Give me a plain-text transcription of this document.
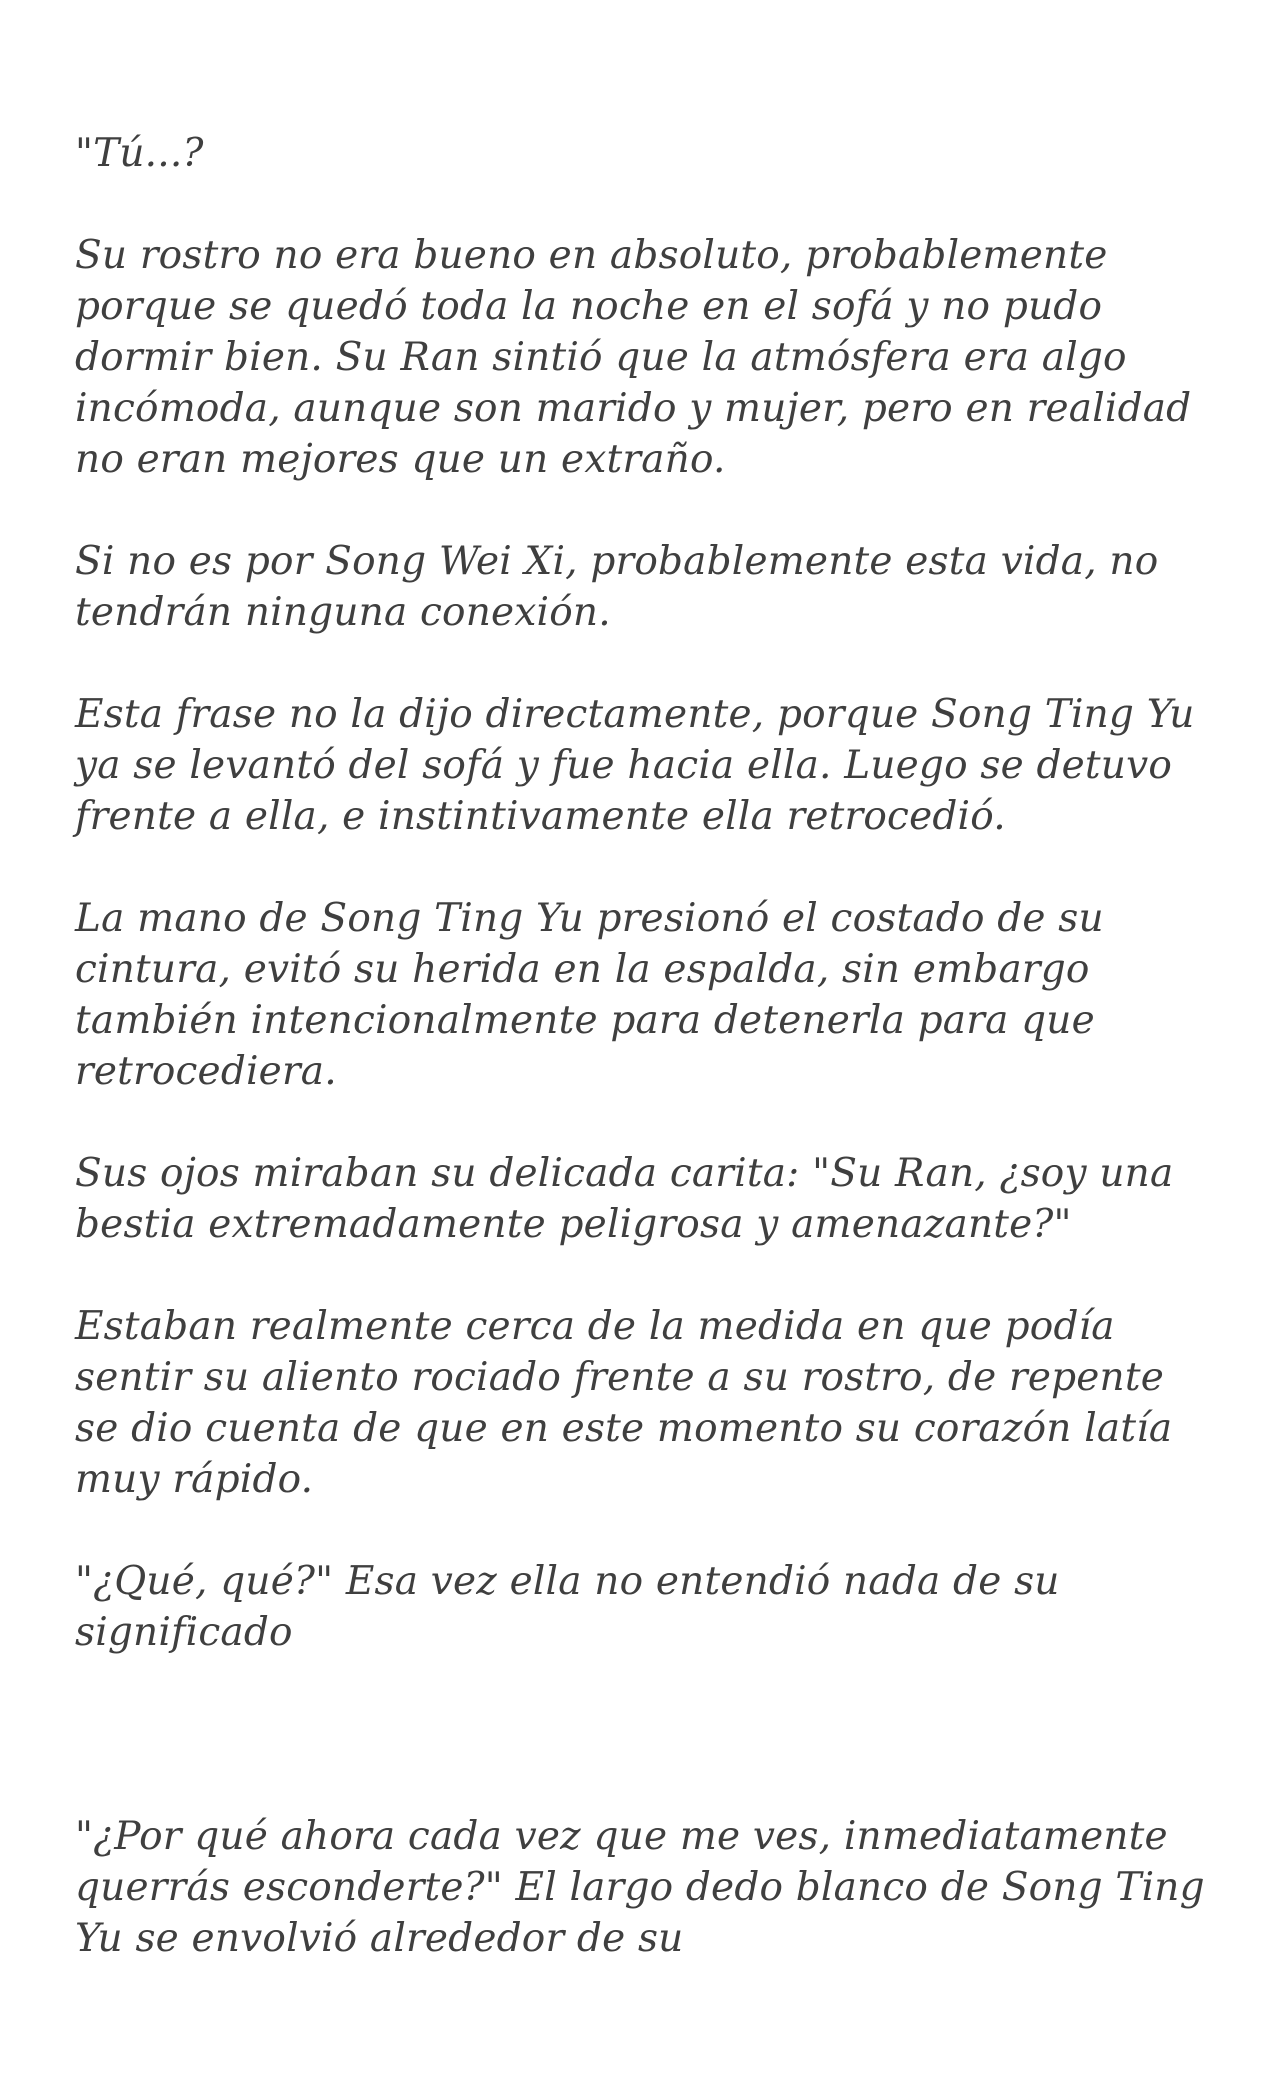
"Tú...?

Su rostro no era bueno en absoluto, probablemente porque se quedó toda la noche en el sofá y no pudo dormir bien. Su Ran sintió que la atmósfera era algo incómoda, aunque son marido y mujer, pero en realidad no eran mejores que un extraño.

Si no es por Song Wei Xi, probablemente esta vida, no tendrán ninguna conexión.

Esta frase no la dijo directamente, porque Song Ting Yu ya se levantó del sofá y fue hacia ella. Luego se detuvo frente a ella, e instintivamente ella retrocedió.

La mano de Song Ting Yu presionó el costado de su cintura, evitó su herida en la espalda, sin embargo también intencionalmente para detenerla para que retrocediera.

Sus ojos miraban su delicada carita: "Su Ran, ¿soy una bestia extremadamente peligrosa y amenazante?"

Estaban realmente cerca de la medida en que podía sentir su aliento rociado frente a su rostro, de repente se dio cuenta de que en este momento su corazón latía muy rápido.

"¿Qué, qué?" Esa vez ella no entendió nada de su significado

"¿Por qué ahora cada vez que me ves, inmediatamente querrás esconderte?" El largo dedo blanco de Song Ting Yu se envolvió alrededor de su
